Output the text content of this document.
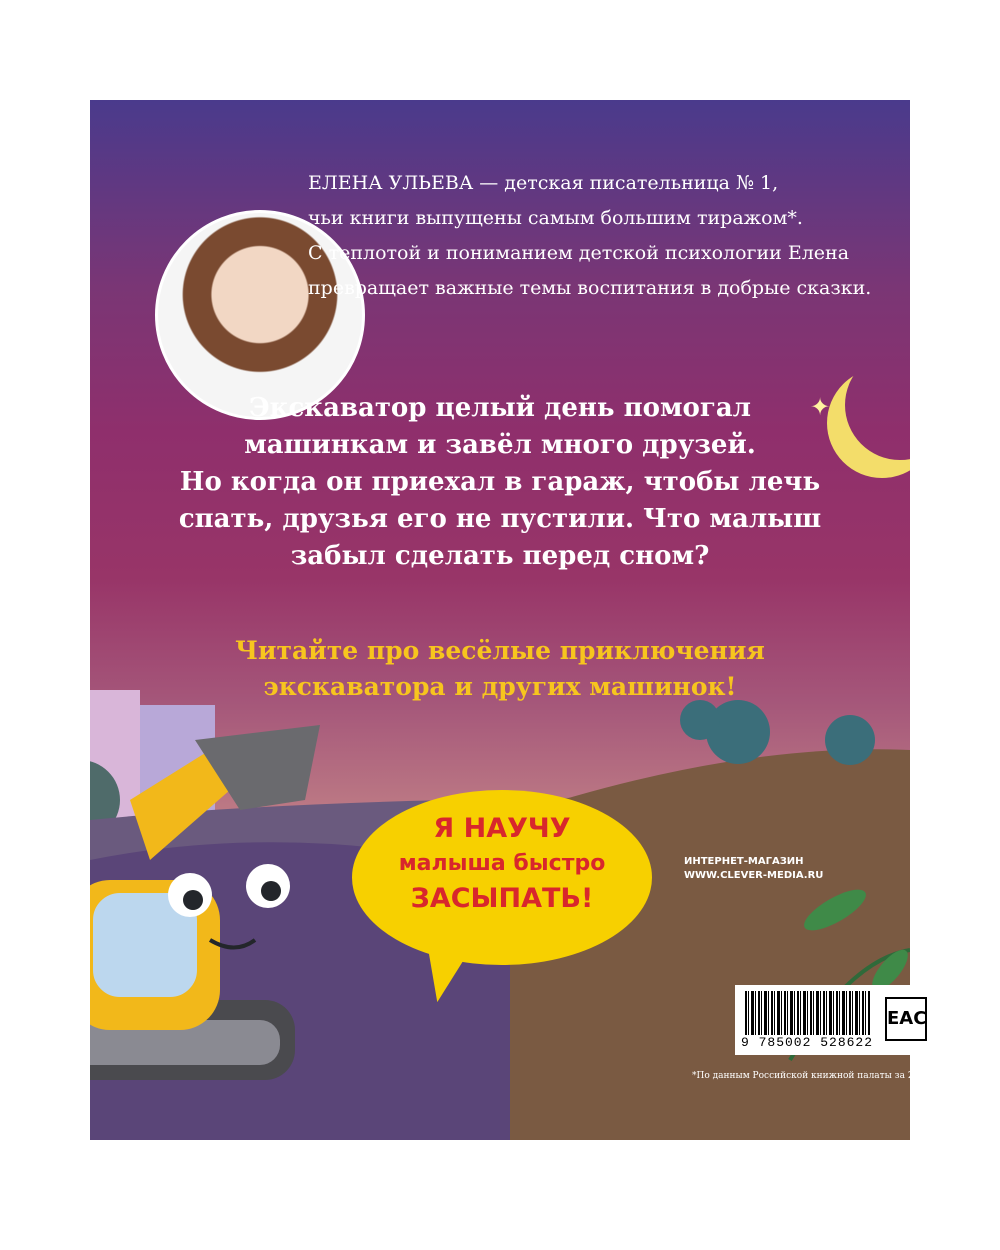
ЕЛЕНА УЛЬЕВА — детская писательница № 1,

чьи книги выпущены самым большим тиражом*.

С теплотой и пониманием детской психологии Елена

превращает важные темы воспитания в добрые сказки.

✦

Экскаватор целый день помогал

машинкам и завёл много друзей.

Но когда он приехал в гараж, чтобы лечь

спать, друзья его не пустили. Что малыш

забыл сделать перед сном?

Читайте про весёлые приключения

экскаватора и других машинок!

Я НАУЧУ
малыша быстро
ЗАСЫПАТЬ!
ИНТЕРНЕТ-МАГАЗИН
WWW.CLEVER-MEDIA.RU
9 785002 528622
EAC
*По данным Российской книжной палаты за 2025 год
